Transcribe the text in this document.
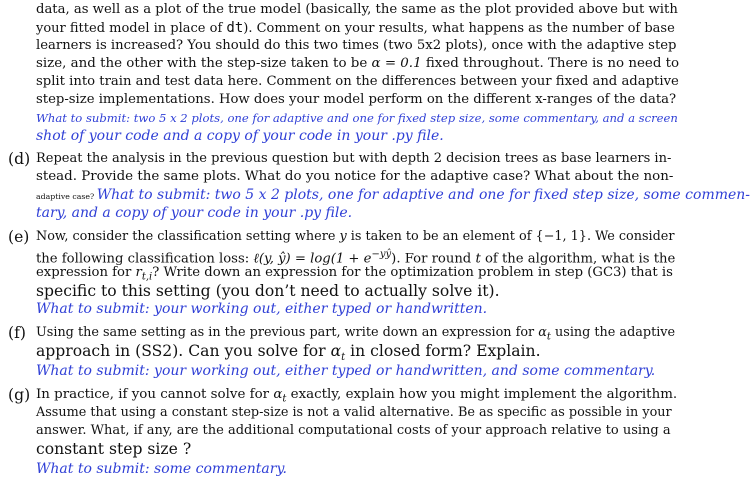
data, as well as a plot of the true model (basically, the same as the plot provided above but with
your fitted model in place of dt). Comment on your results, what happens as the number of base
learners is increased? You should do this two times (two 5x2 plots), once with the adaptive step
size, and the other with the step-size taken to be α = 0.1 fixed throughout. There is no need to
split into train and test data here. Comment on the differences between your fixed and adaptive
step-size implementations. How does your model perform on the different x-ranges of the data?
What to submit: two 5 x 2 plots, one for adaptive and one for fixed step size, some commentary, and a screen
shot of your code and a copy of your code in your .py file.
(d) Repeat the analysis in the previous question but with depth 2 decision trees as base learners in-
stead. Provide the same plots. What do you notice for the adaptive case? What about the non-
adaptive case? What to submit: two 5 x 2 plots, one for adaptive and one for fixed step size, some commen-
tary, and a copy of your code in your .py file.
(e) Now, consider the classification setting where y is taken to be an element of {−1, 1}. We consider
the following classification loss: ℓ(y, ŷ) = $\log(1 + e^{-yŷ})$. For round t of the algorithm, what is the
expression for $r_{t,i}$? Write down an expression for the optimization problem in step (GC3) that is
specific to this setting (you don’t need to actually solve it).
What to submit: your working out, either typed or handwritten.
(f) Using the same setting as in the previous part, write down an expression for $\alpha_t$ using the adaptive
approach in (SS2). Can you solve for $\alpha_t$ in closed form? Explain.
What to submit: your working out, either typed or handwritten, and some commentary.
(g) In practice, if you cannot solve for $\alpha_t$ exactly, explain how you might implement the algorithm.
Assume that using a constant step-size is not a valid alternative. Be as specific as possible in your
answer. What, if any, are the additional computational costs of your approach relative to using a
constant step size ?
What to submit: some commentary.
